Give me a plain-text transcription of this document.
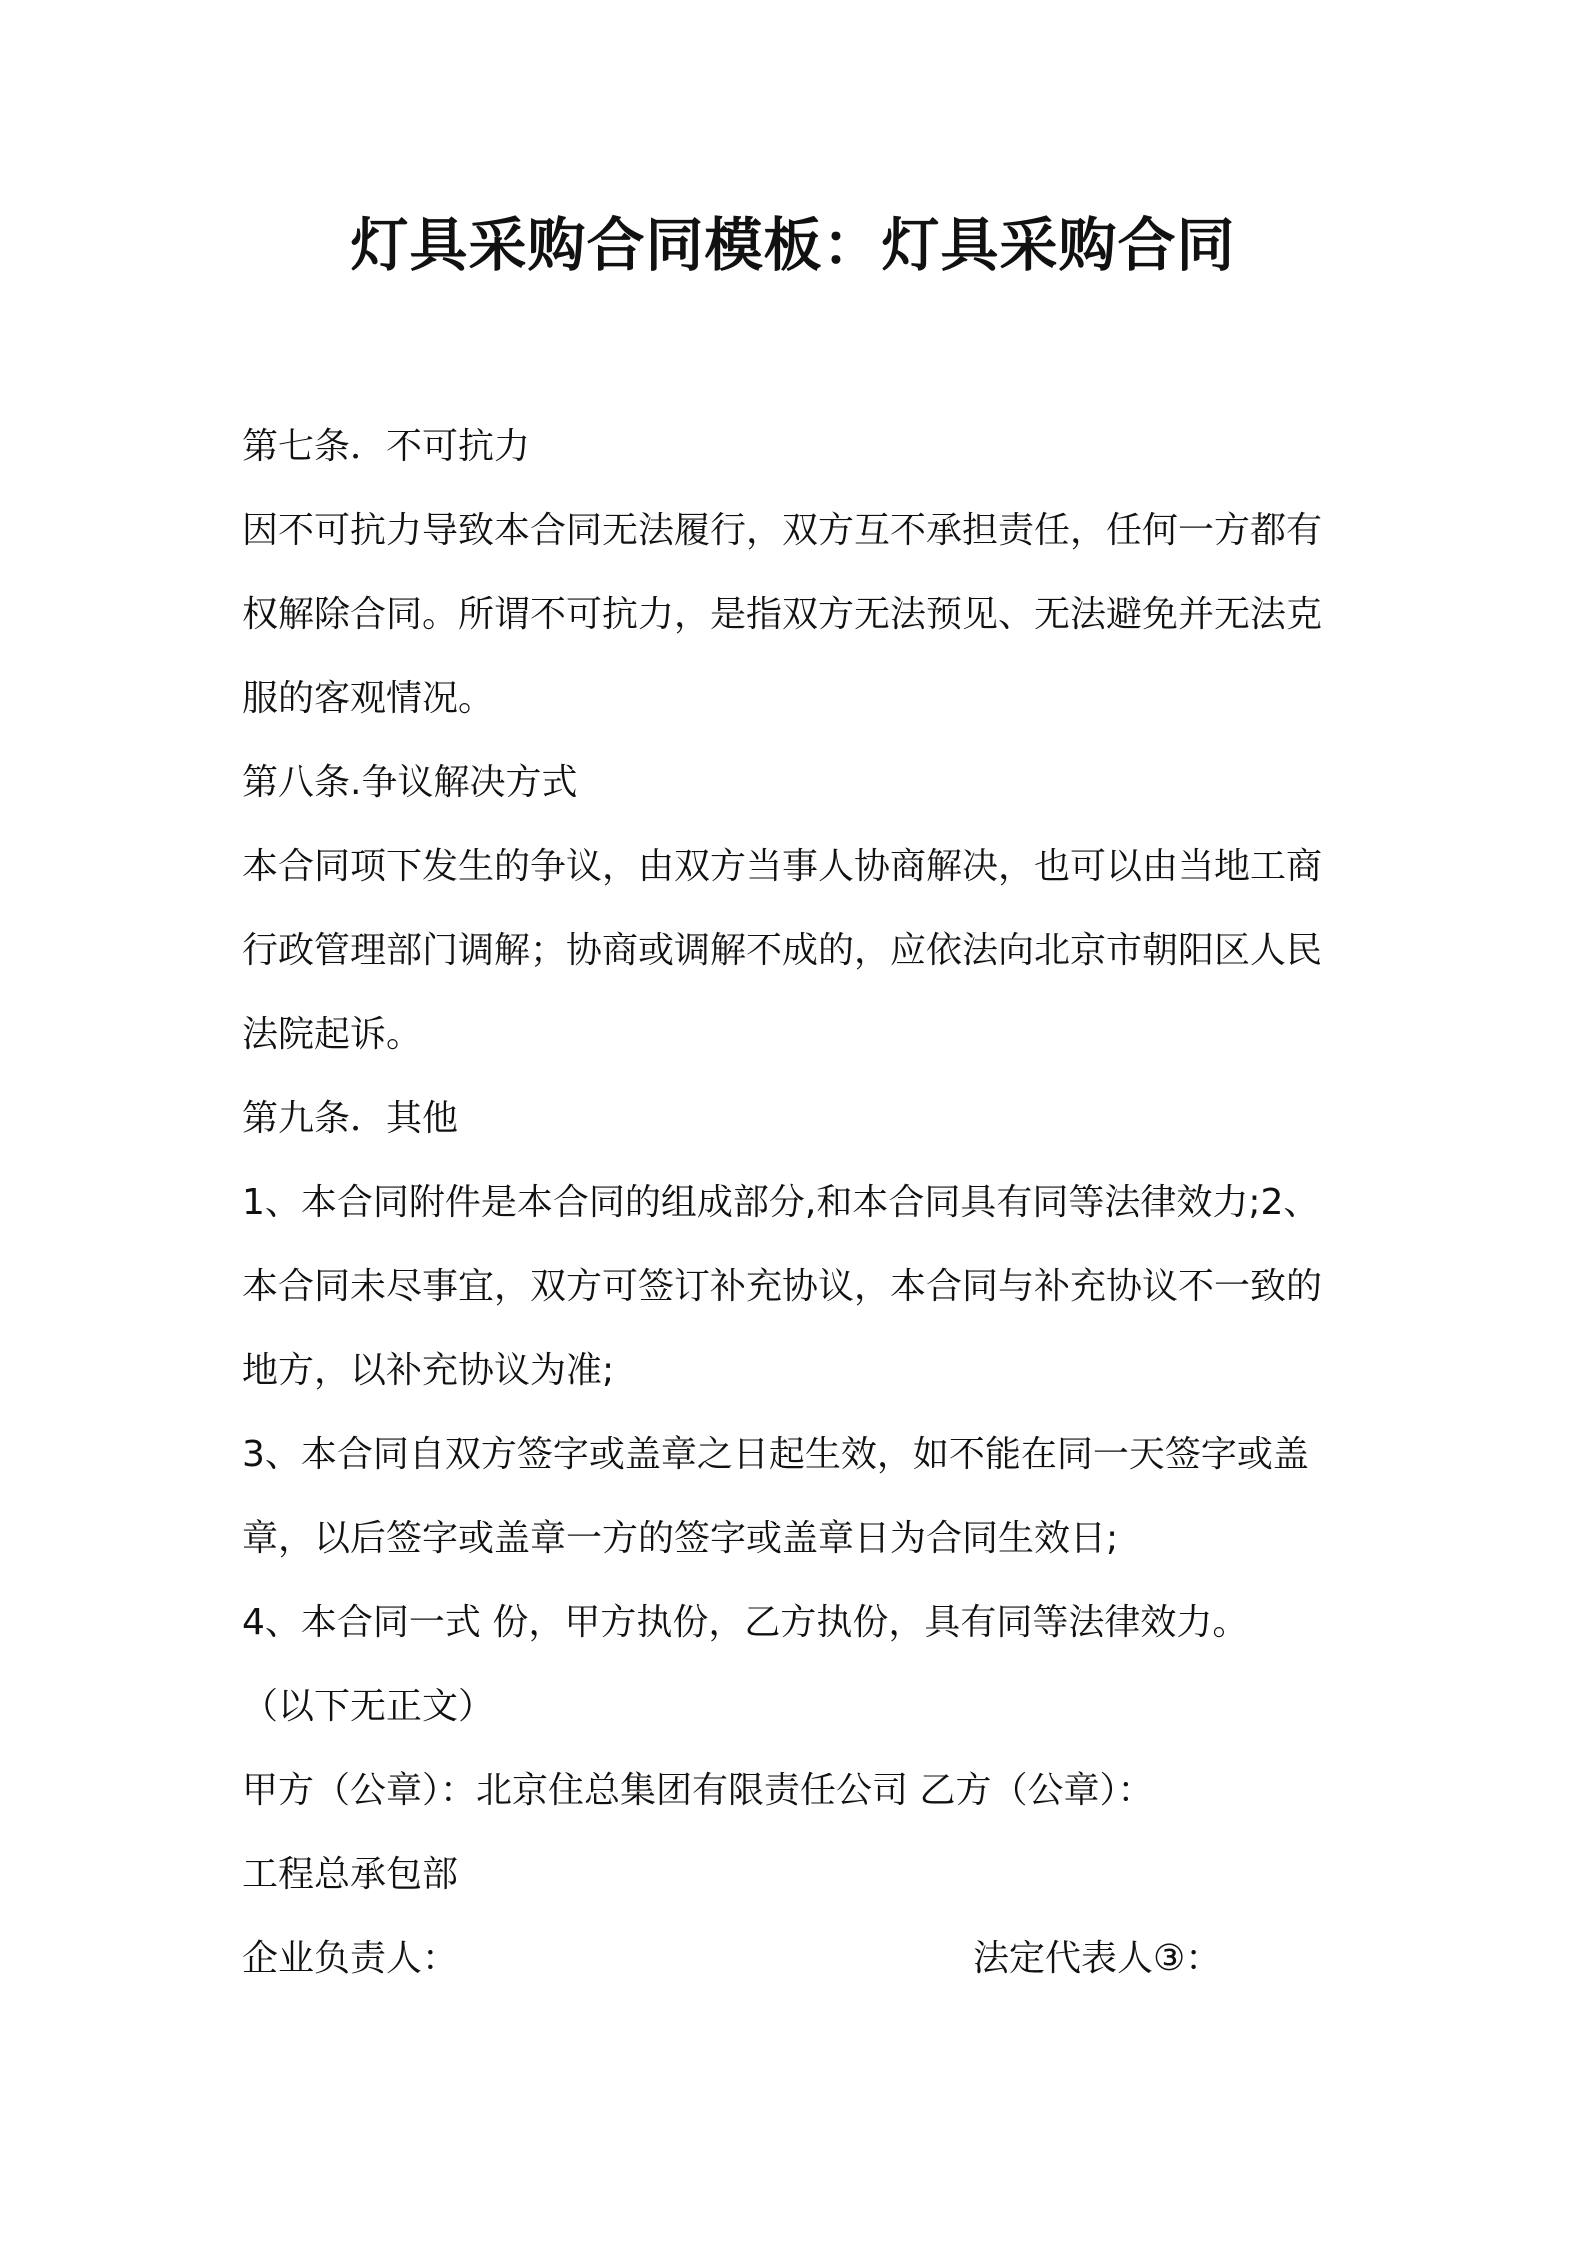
灯具采购合同模板：灯具采购合同

第七条．不可抗力

因不可抗力导致本合同无法履行，双方互不承担责任，任何一方都有

权解除合同。所谓不可抗力，是指双方无法预见、无法避免并无法克

服的客观情况。

第八条.争议解决方式

本合同项下发生的争议，由双方当事人协商解决，也可以由当地工商

行政管理部门调解；协商或调解不成的，应依法向北京市朝阳区人民

法院起诉。

第九条．其他

1、本合同附件是本合同的组成部分,和本合同具有同等法律效力;2、

本合同未尽事宜，双方可签订补充协议，本合同与补充协议不一致的

地方，以补充协议为准;

3、本合同自双方签字或盖章之日起生效，如不能在同一天签字或盖

章，以后签字或盖章一方的签字或盖章日为合同生效日;

4、本合同一式 份，甲方执份，乙方执份，具有同等法律效力。

（以下无正文）

甲方（公章）：北京住总集团有限责任公司 乙方（公章）：

工程总承包部

企业负责人：	法定代表人③：
